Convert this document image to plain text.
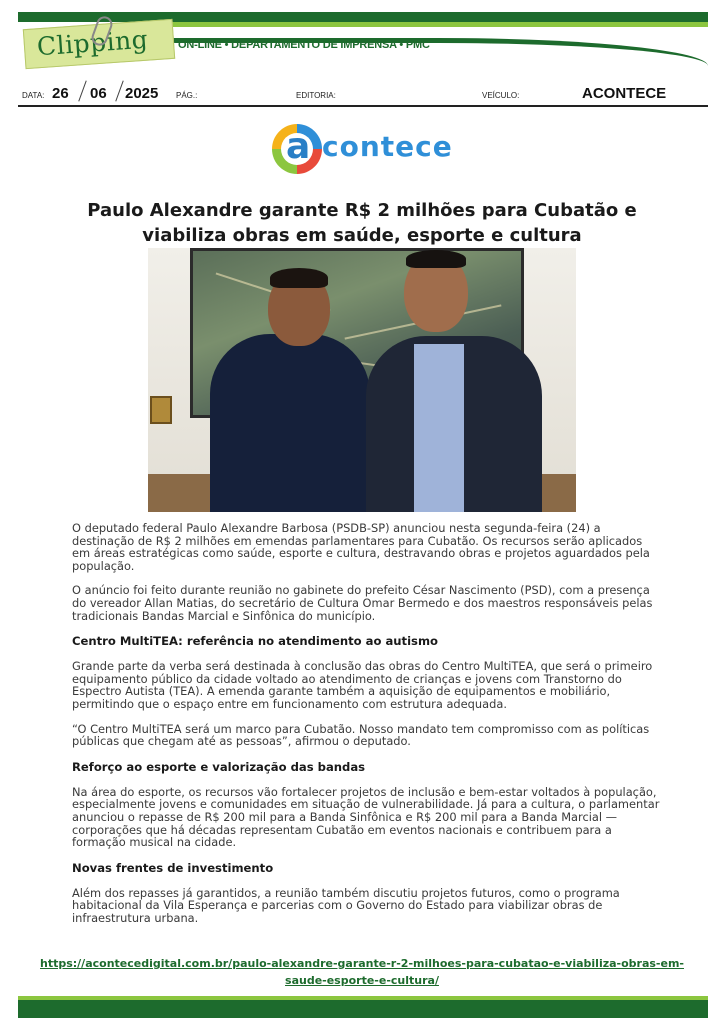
Clipping	ON-LINE • DEPARTAMENTO DE IMPRENSA • PMC
DATA: 26 06 2025 PÁG.:	EDITORIA:	VEÍCULO:	ACONTECE
a contece
Paulo Alexandre garante R$ 2 milhões para Cubatão e viabiliza obras em saúde, esporte e cultura

O deputado federal Paulo Alexandre Barbosa (PSDB-SP) anunciou nesta segunda-feira (24) a destinação de R$ 2 milhões em emendas parlamentares para Cubatão. Os recursos serão aplicados em áreas estratégicas como saúde, esporte e cultura, destravando obras e projetos aguardados pela população.

O anúncio foi feito durante reunião no gabinete do prefeito César Nascimento (PSD), com a presença do vereador Allan Matias, do secretário de Cultura Omar Bermedo e dos maestros responsáveis pelas tradicionais Bandas Marcial e Sinfônica do município.

Centro MultiTEA: referência no atendimento ao autismo

Grande parte da verba será destinada à conclusão das obras do Centro MultiTEA, que será o primeiro equipamento público da cidade voltado ao atendimento de crianças e jovens com Transtorno do Espectro Autista (TEA). A emenda garante também a aquisição de equipamentos e mobiliário, permitindo que o espaço entre em funcionamento com estrutura adequada.

“O Centro MultiTEA será um marco para Cubatão. Nosso mandato tem compromisso com as políticas públicas que chegam até as pessoas”, afirmou o deputado.

Reforço ao esporte e valorização das bandas

Na área do esporte, os recursos vão fortalecer projetos de inclusão e bem-estar voltados à população, especialmente jovens e comunidades em situação de vulnerabilidade. Já para a cultura, o parlamentar anunciou o repasse de R$ 200 mil para a Banda Sinfônica e R$ 200 mil para a Banda Marcial — corporações que há décadas representam Cubatão em eventos nacionais e contribuem para a formação musical na cidade.

Novas frentes de investimento

Além dos repasses já garantidos, a reunião também discutiu projetos futuros, como o programa habitacional da Vila Esperança e parcerias com o Governo do Estado para viabilizar obras de infraestrutura urbana.

https://acontecedigital.com.br/paulo-alexandre-garante-r-2-milhoes-para-cubatao-e-viabiliza-obras-em-saude-esporte-e-cultura/
